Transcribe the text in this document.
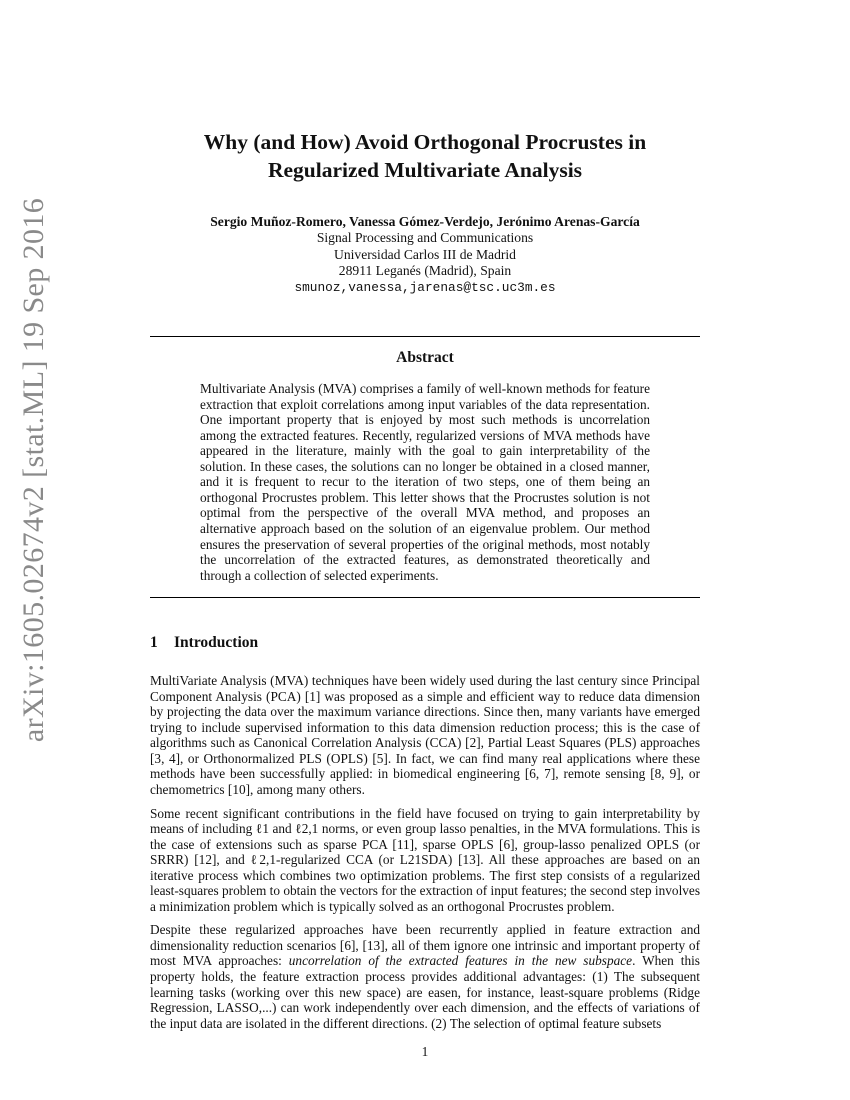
arXiv:1605.02674v2 [stat.ML] 19 Sep 2016
Why (and How) Avoid Orthogonal Procrustes in
Regularized Multivariate Analysis
Sergio Muñoz-Romero, Vanessa Gómez-Verdejo, Jerónimo Arenas-García
Signal Processing and Communications
Universidad Carlos III de Madrid
28911 Leganés (Madrid), Spain
smunoz,vanessa,jarenas@tsc.uc3m.es
Abstract
Multivariate Analysis (MVA) comprises a family of well-known methods for feature extraction that exploit correlations among input variables of the data representation. One important property that is enjoyed by most such methods is uncorrelation among the extracted features. Recently, regularized versions of MVA methods have appeared in the literature, mainly with the goal to gain interpretability of the solution. In these cases, the solutions can no longer be obtained in a closed manner, and it is frequent to recur to the iteration of two steps, one of them being an orthogonal Procrustes problem. This letter shows that the Procrustes solution is not optimal from the perspective of the overall MVA method, and proposes an alternative approach based on the solution of an eigenvalue problem. Our method ensures the preservation of several properties of the original methods, most notably the uncorrelation of the extracted features, as demonstrated theoretically and through a collection of selected experiments.
1 Introduction

MultiVariate Analysis (MVA) techniques have been widely used during the last century since Principal Component Analysis (PCA) [1] was proposed as a simple and efficient way to reduce data dimension by projecting the data over the maximum variance directions. Since then, many variants have emerged trying to include supervised information to this data dimension reduction process; this is the case of algorithms such as Canonical Correlation Analysis (CCA) [2], Partial Least Squares (PLS) approaches [3, 4], or Orthonormalized PLS (OPLS) [5]. In fact, we can find many real applications where these methods have been successfully applied: in biomedical engineering [6, 7], remote sensing [8, 9], or chemometrics [10], among many others.

Some recent significant contributions in the field have focused on trying to gain interpretability by means of including ℓ1 and ℓ2,1 norms, or even group lasso penalties, in the MVA formulations. This is the case of extensions such as sparse PCA [11], sparse OPLS [6], group-lasso penalized OPLS (or SRRR) [12], and ℓ2,1-regularized CCA (or L21SDA) [13]. All these approaches are based on an iterative process which combines two optimization problems. The first step consists of a regularized least-squares problem to obtain the vectors for the extraction of input features; the second step involves a minimization problem which is typically solved as an orthogonal Procrustes problem.

Despite these regularized approaches have been recurrently applied in feature extraction and dimensionality reduction scenarios [6], [13], all of them ignore one intrinsic and important property of most MVA approaches: uncorrelation of the extracted features in the new subspace. When this property holds, the feature extraction process provides additional advantages: (1) The subsequent learning tasks (working over this new space) are easen, for instance, least-square problems (Ridge Regression, LASSO,...) can work independently over each dimension, and the effects of variations of the input data are isolated in the different directions. (2) The selection of optimal feature subsets

1
